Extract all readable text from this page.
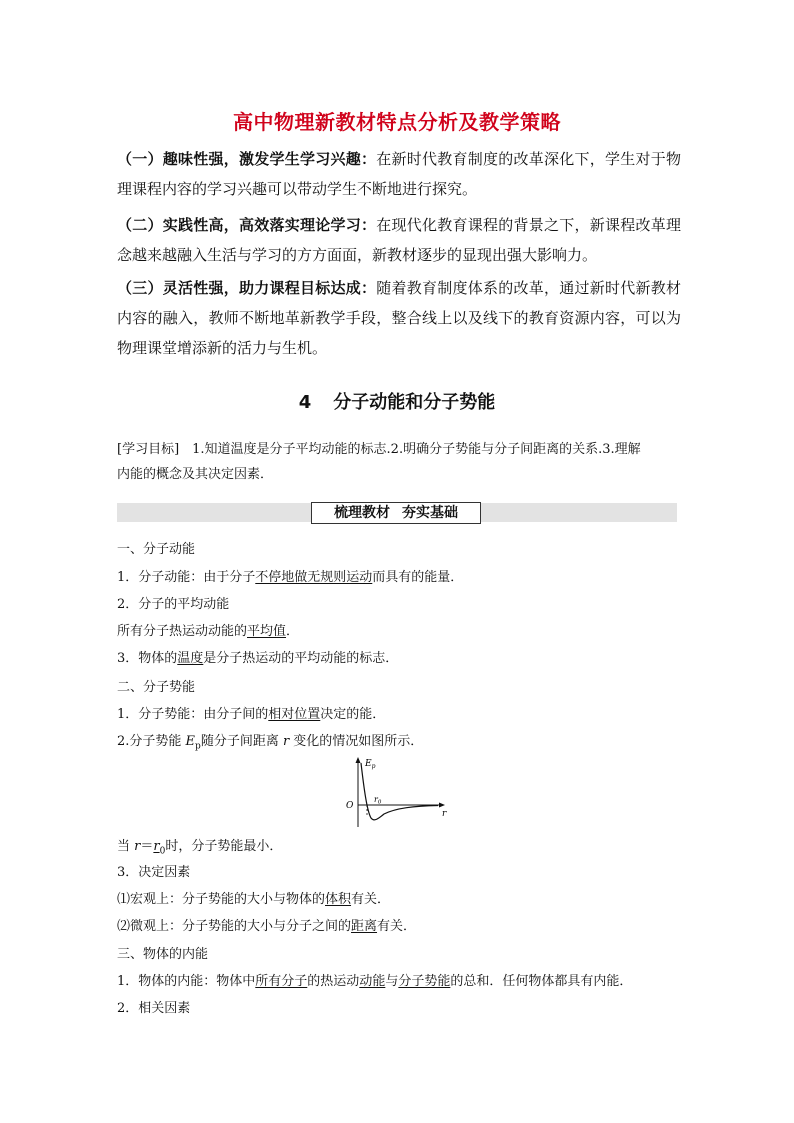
高中物理新教材特点分析及教学策略
（一）趣味性强，激发学生学习兴趣：在新时代教育制度的改革深化下，学生对于物理课程内容的学习兴趣可以带动学生不断地进行探究。
（二）实践性高，高效落实理论学习：在现代化教育课程的背景之下，新课程改革理念越来越融入生活与学习的方方面面，新教材逐步的显现出强大影响力。
（三）灵活性强，助力课程目标达成：随着教育制度体系的改革，通过新时代新教材内容的融入，教师不断地革新教学手段，整合线上以及线下的教育资源内容，可以为物理课堂增添新的活力与生机。
4 分子动能和分子势能
[学习目标]　1.知道温度是分子平均动能的标志.2.明确分子势能与分子间距离的关系.3.理解
内能的概念及其决定因素．
梳理教材 夯实基础
一、分子动能
1．分子动能：由于分子不停地做无规则运动而具有的能量．
2．分子的平均动能
所有分子热运动动能的平均值．
3．物体的温度是分子热运动的平均动能的标志．
二、分子势能
1．分子势能：由分子间的相对位置决定的能．
2.分子势能 $E_p$随分子间距离 r 变化的情况如图所示．
$E_p$
O
r0
r
当 $r=r_0$时，分子势能最小．
3．决定因素
⑴宏观上：分子势能的大小与物体的体积有关．
⑵微观上：分子势能的大小与分子之间的距离有关．
三、物体的内能
1．物体的内能：物体中所有分子的热运动动能与分子势能的总和．任何物体都具有内能．
2．相关因素
